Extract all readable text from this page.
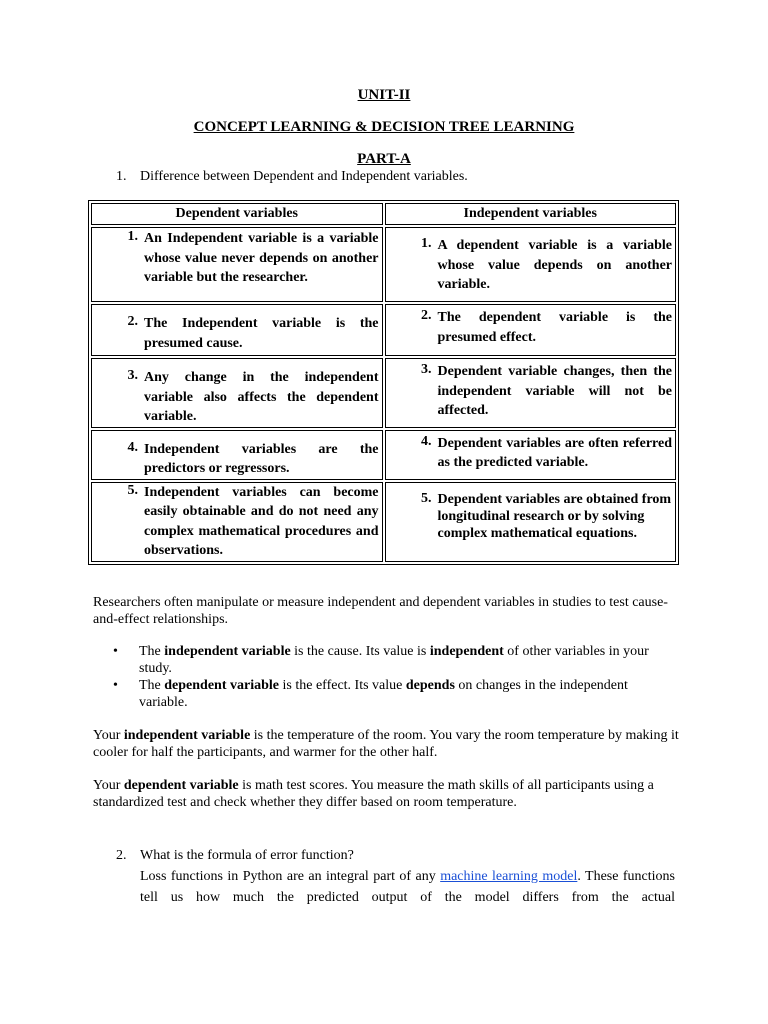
UNIT-II
CONCEPT LEARNING & DECISION TREE LEARNING
PART-A
1. Difference between Dependent and Independent variables.
Dependent variables	Independent variables

1. An Independent variable is a variable whose value never depends on another variable but the researcher.	1. A dependent variable is a variable whose value depends on another variable.

2. The Independent variable is the presumed cause.	2. The dependent variable is the presumed effect.

3. Any change in the independent variable also affects the dependent variable.	3. Dependent variable changes, then the independent variable will not be affected.

4. Independent variables are the predictors or regressors.	4. Dependent variables are often referred as the predicted variable.

5. Independent variables can become easily obtainable and do not need any complex mathematical procedures and observations.	5. Dependent variables are obtained from longitudinal research or by solving complex mathematical equations.
Researchers often manipulate or measure independent and dependent variables in studies to test cause-and-effect relationships.
• The independent variable is the cause. Its value is independent of other variables in your study.
• The dependent variable is the effect. Its value depends on changes in the independent variable.
Your independent variable is the temperature of the room. You vary the room temperature by making it cooler for half the participants, and warmer for the other half.
Your dependent variable is math test scores. You measure the math skills of all participants using a standardized test and check whether they differ based on room temperature.
2. What is the formula of error function?
Loss functions in Python are an integral part of any machine learning model. These functions tell us how much the predicted output of the model differs from the actual
